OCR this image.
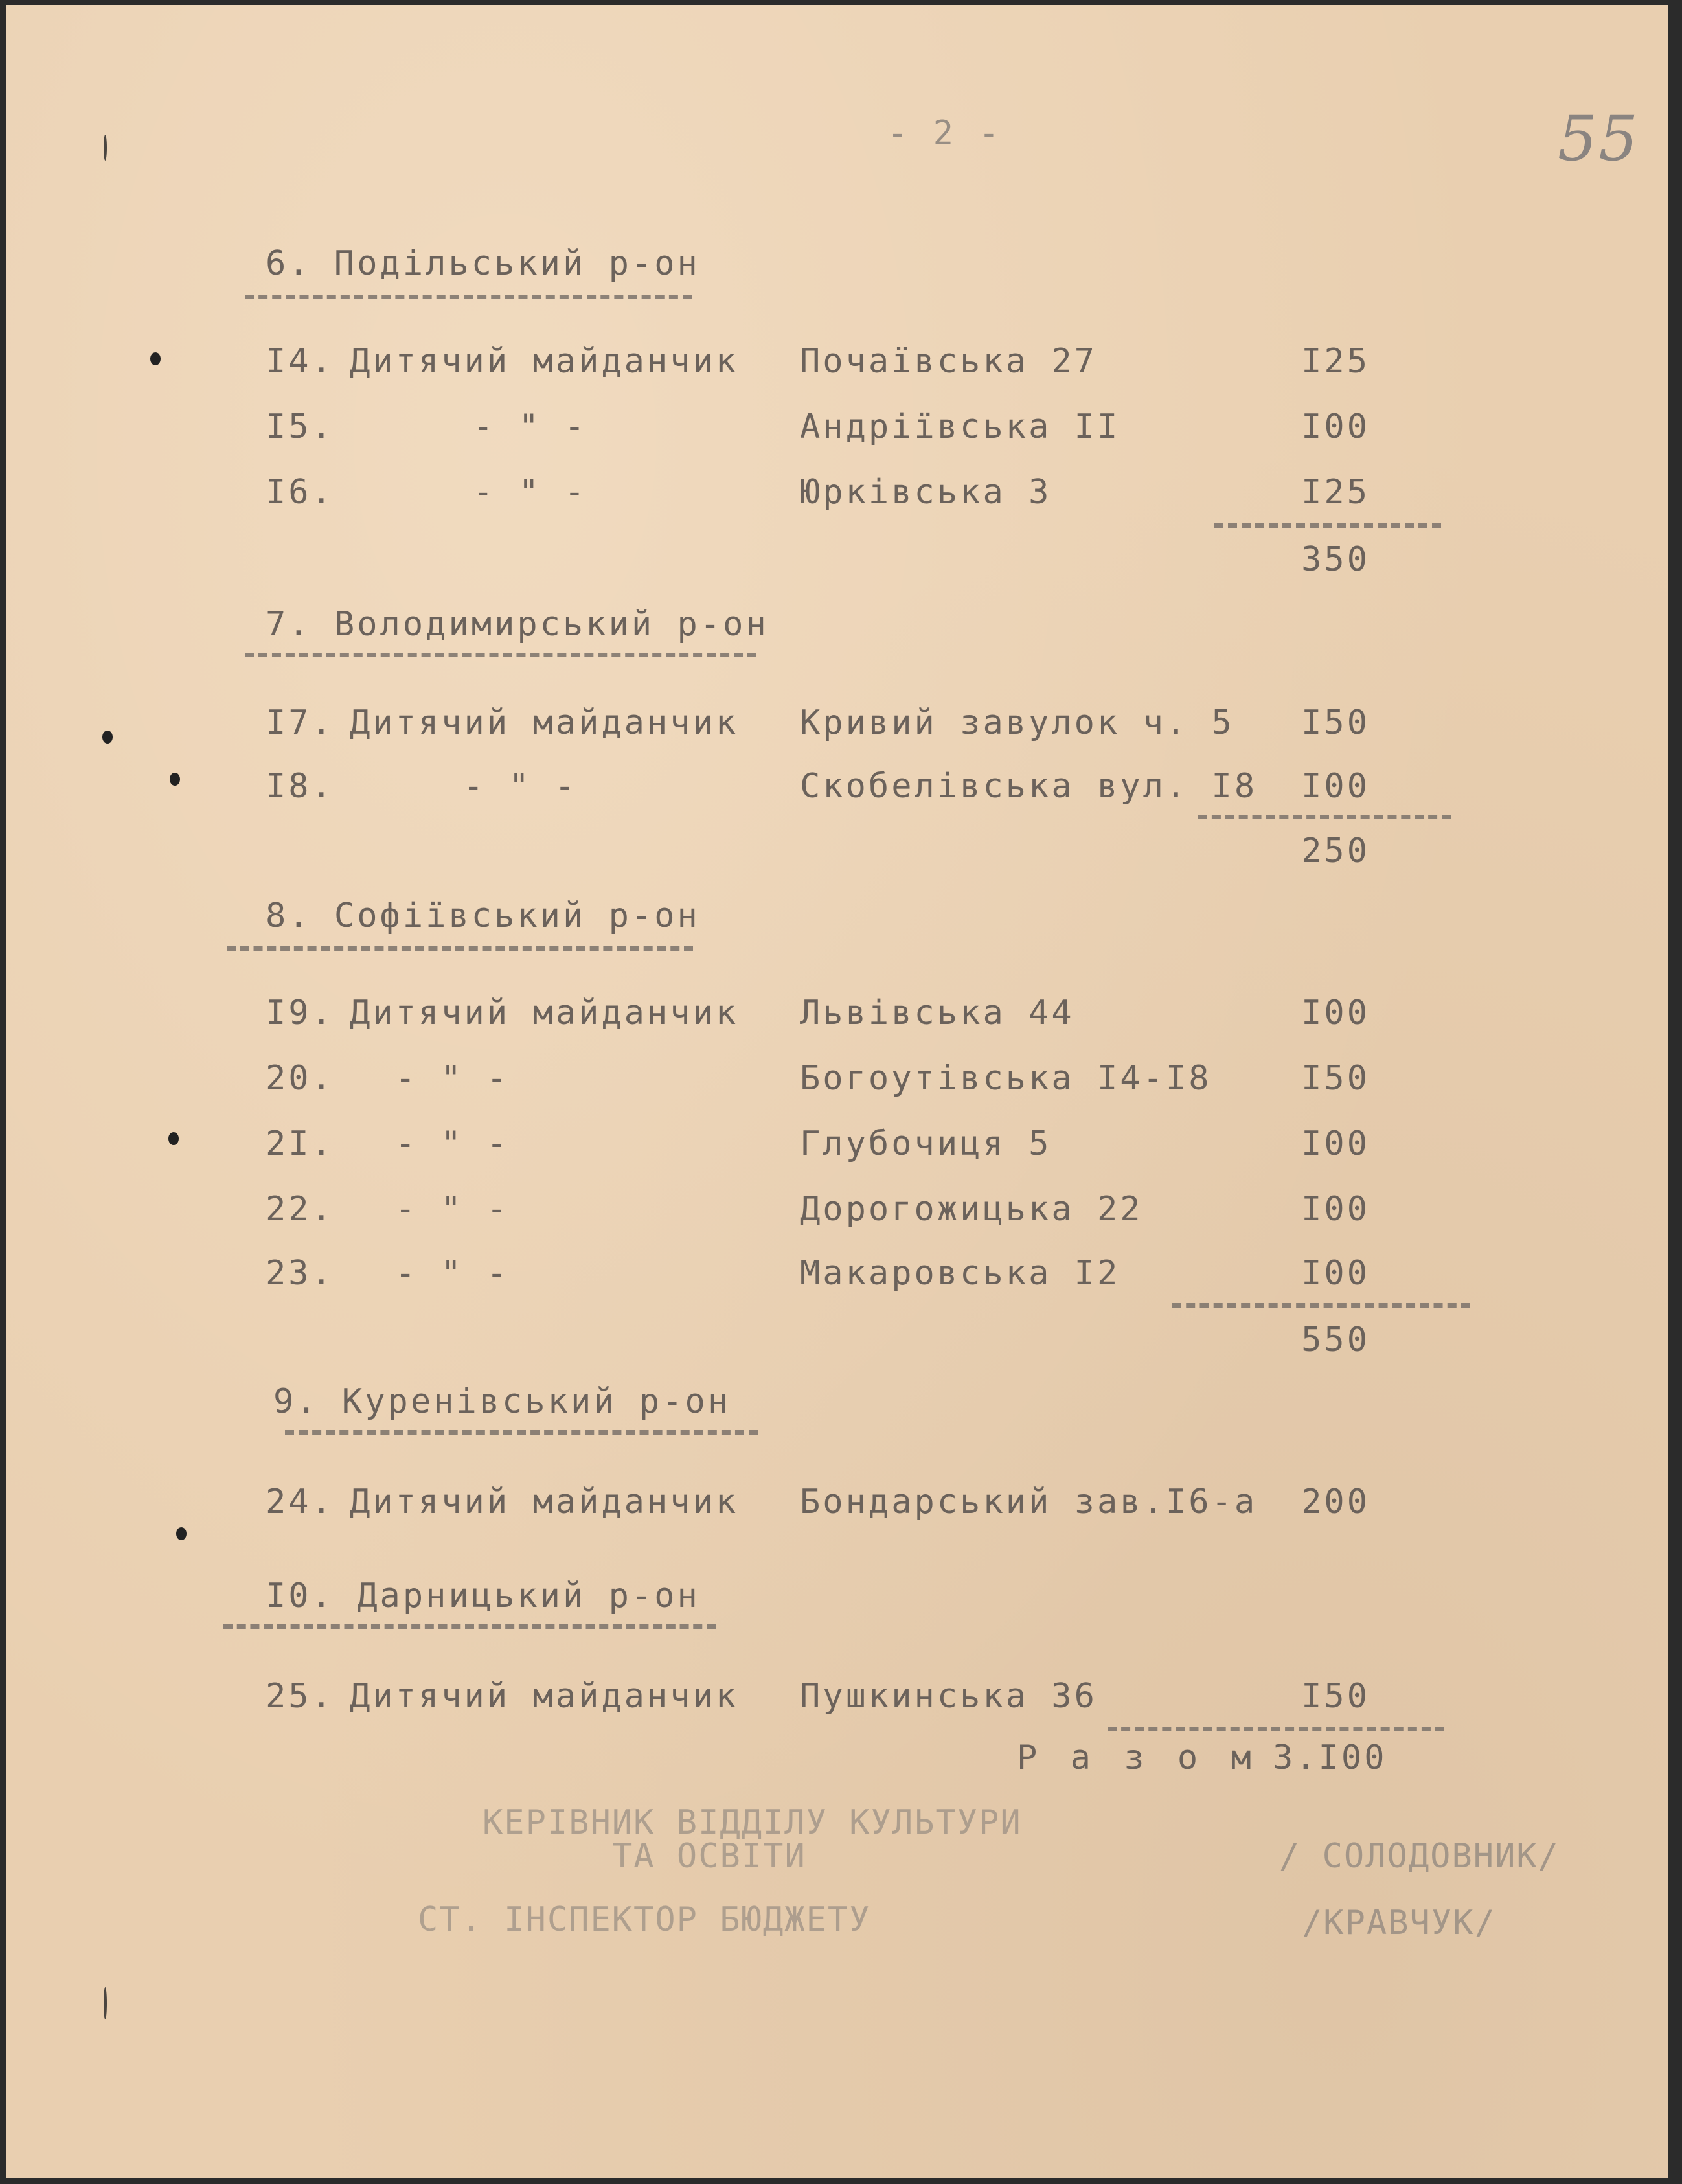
- 2 -	55
6. Подільський р-он
I4. Дитячий майданчик Почаївська 27	I25
I5.	- " -	Андріївська II	I00
I6.	- " -	Юрківська 3	I25
350
7. Володимирський р-он
I7. Дитячий майданчик Кривий завулок ч. 5 I50
I8.	- " -	Скобелівська вул. I8 I00
250
8. Софіївський р-он
I9. Дитячий майданчик Львівська 44	I00
20. - " -	Богоутівська I4-I8	I50
2I. - " -	Глубочиця 5	I00
22. - " -	Дорогожицька 22	I00
23. - " -	Макаровська I2	I00
550
9. Куренівський р-он
24. Дитячий майданчик Бондарський зав.I6-а 200
I0. Дарницький р-он
25. Дитячий майданчик Пушкинська 36	I50
Р а з о м 3.I00
КЕРІВНИК ВІДДІЛУ КУЛЬТУРИ
ТА ОСВІТИ	/ СОЛОДОВНИК/
СТ. ІНСПЕКТОР БЮДЖЕТУ	/КРАВЧУК/
